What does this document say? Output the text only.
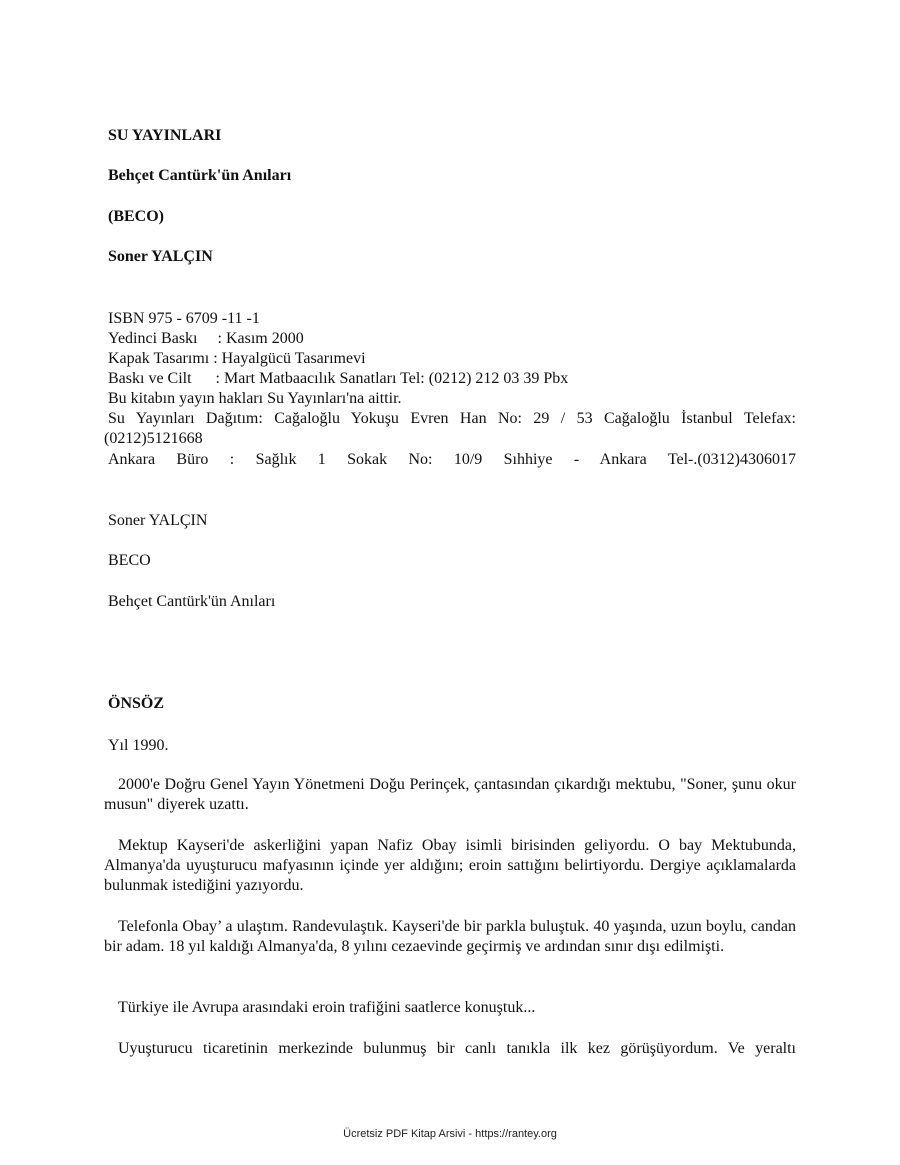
SU YAYINLARI
Behçet Cantürk'ün Anıları
(BECO)
Soner YALÇIN
ISBN 975 - 6709 -11 -1
Yedinci Baskı     : Kasım 2000
Kapak Tasarımı : Hayalgücü Tasarımevi
Baskı ve Cilt      : Mart Matbaacılık Sanatları Tel: (0212) 212 03 39 Pbx
Bu kitabın yayın hakları Su Yayınları'na aittir.
Su Yayınları Dağıtım: Cağaloğlu Yokuşu Evren Han No: 29 / 53 Cağaloğlu İstanbul Telefax: (0212)5121668
Ankara Büro : Sağlık 1 Sokak No: 10/9 Sıhhiye - Ankara Tel-.(0312)4306017
Soner YALÇIN
BECO
Behçet Cantürk'ün Anıları
ÖNSÖZ
Yıl 1990.
2000'e Doğru Genel Yayın Yönetmeni Doğu Perinçek, çantasından çıkardığı mektubu, "Soner, şunu okur musun" diyerek uzattı.
Mektup Kayseri'de askerliğini yapan Nafiz Obay isimli birisinden geliyordu. O bay Mektubunda, Almanya'da uyuşturucu mafyasının içinde yer aldığını; eroin sattığını belirtiyordu. Dergiye açıklamalarda bulunmak istediğini yazıyordu.
Telefonla Obay’ a ulaştım. Randevulaştık. Kayseri'de bir parkla buluştuk. 40 yaşında, uzun boylu, candan bir adam. 18 yıl kaldığı Almanya'da, 8 yılını cezaevinde geçirmiş ve ardından sınır dışı edilmişti.
Türkiye ile Avrupa arasındaki eroin trafiğini saatlerce konuştuk...
Uyuşturucu ticaretinin merkezinde bulunmuş bir canlı tanıkla ilk kez görüşüyordum. Ve yeraltı
Ücretsiz PDF Kitap Arsivi - https://rantey.org
